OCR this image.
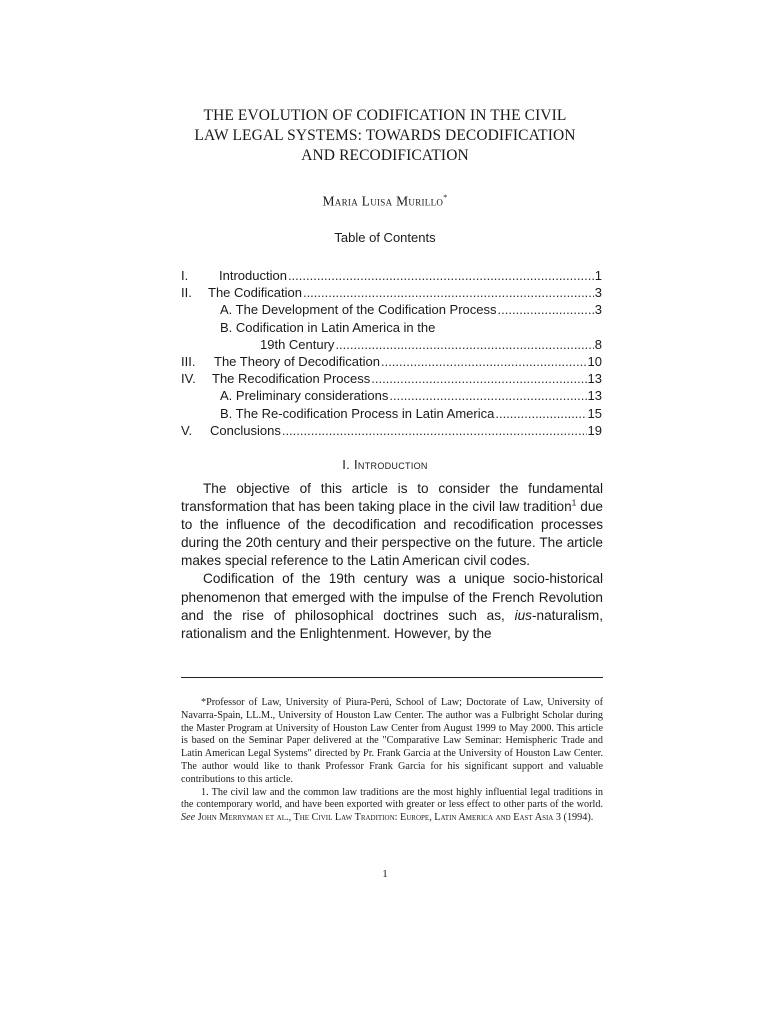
THE EVOLUTION OF CODIFICATION IN THE CIVIL
LAW LEGAL SYSTEMS: TOWARDS DECODIFICATION
AND RECODIFICATION
Maria Luisa Murillo*
Table of Contents
I.	Introduction .....	1
II.	The Codification .....	3
A. The Development of the Codification Process .....	3
B. Codification in Latin America in the
19th Century .....	8
III.	The Theory of Decodification .....	10
IV.	The Recodification Process .....	13
A. Preliminary considerations .....	13
B. The Re-codification Process in Latin America .....	15
V.	Conclusions .....	19
I. Introduction

The objective of this article is to consider the fundamental transformation that has been taking place in the civil law tradition$^1$ due to the influence of the decodification and recodification processes during the 20th century and their perspective on the future. The article makes special reference to the Latin American civil codes.

Codification of the 19th century was a unique socio-historical phenomenon that emerged with the impulse of the French Revolution and the rise of philosophical doctrines such as, ius-naturalism, rationalism and the Enlightenment. However, by the

*Professor of Law, University of Piura-Perú, School of Law; Doctorate of Law, University of Navarra-Spain, LL.M., University of Houston Law Center. The author was a Fulbright Scholar during the Master Program at University of Houston Law Center from August 1999 to May 2000. This article is based on the Seminar Paper delivered at the "Comparative Law Seminar: Hemispheric Trade and Latin American Legal Systems" directed by Pr. Frank Garcia at the University of Houston Law Center. The author would like to thank Professor Frank Garcia for his significant support and valuable contributions to this article.

1. The civil law and the common law traditions are the most highly influential legal traditions in the contemporary world, and have been exported with greater or less effect to other parts of the world. See John Merryman et al., The Civil Law Tradition: Europe, Latin America and East Asia 3 (1994).

1
